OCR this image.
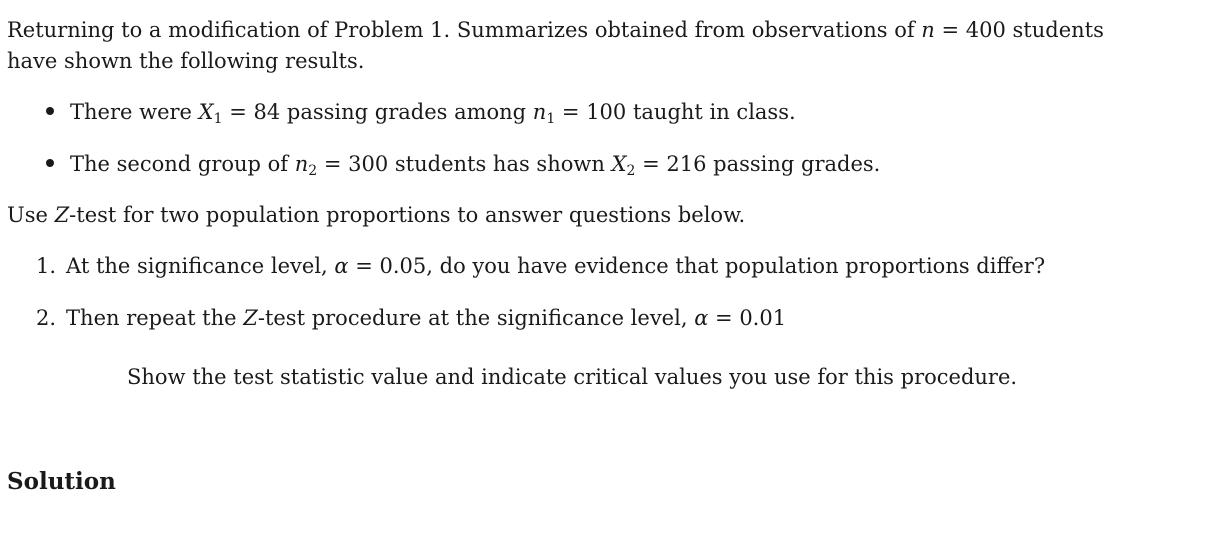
Returning to a modification of Problem 1. Summarizes obtained from observations of n = 400 students
have shown the following results.
There were $X_1 = 84$ passing grades among $n_1 = 100$ taught in class.
The second group of $n_2 = 300$ students has shown $X_2 = 216$ passing grades.
Use Z-test for two population proportions to answer questions below.
1. At the significance level, α = 0.05, do you have evidence that population proportions differ?
2. Then repeat the Z-test procedure at the significance level, α = 0.01
Show the test statistic value and indicate critical values you use for this procedure.
Solution
